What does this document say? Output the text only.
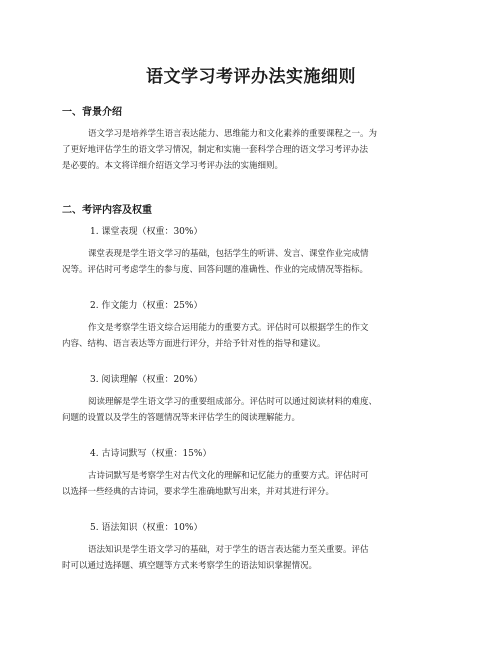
语文学习考评办法实施细则
一、背景介绍
语文学习是培养学生语言表达能力、思维能力和文化素养的重要课程之一。为
了更好地评估学生的语文学习情况，制定和实施一套科学合理的语文学习考评办法
是必要的。本文将详细介绍语文学习考评办法的实施细则。
二、考评内容及权重
1. 课堂表现（权重：30%）
课堂表现是学生语文学习的基础，包括学生的听讲、发言、课堂作业完成情
况等。评估时可考虑学生的参与度、回答问题的准确性、作业的完成情况等指标。
2. 作文能力（权重：25%）
作文是考察学生语文综合运用能力的重要方式。评估时可以根据学生的作文
内容、结构、语言表达等方面进行评分，并给予针对性的指导和建议。
3. 阅读理解（权重：20%）
阅读理解是学生语文学习的重要组成部分。评估时可以通过阅读材料的难度、
问题的设置以及学生的答题情况等来评估学生的阅读理解能力。
4. 古诗词默写（权重：15%）
古诗词默写是考察学生对古代文化的理解和记忆能力的重要方式。评估时可
以选择一些经典的古诗词，要求学生准确地默写出来，并对其进行评分。
5. 语法知识（权重：10%）
语法知识是学生语文学习的基础，对于学生的语言表达能力至关重要。评估
时可以通过选择题、填空题等方式来考察学生的语法知识掌握情况。
